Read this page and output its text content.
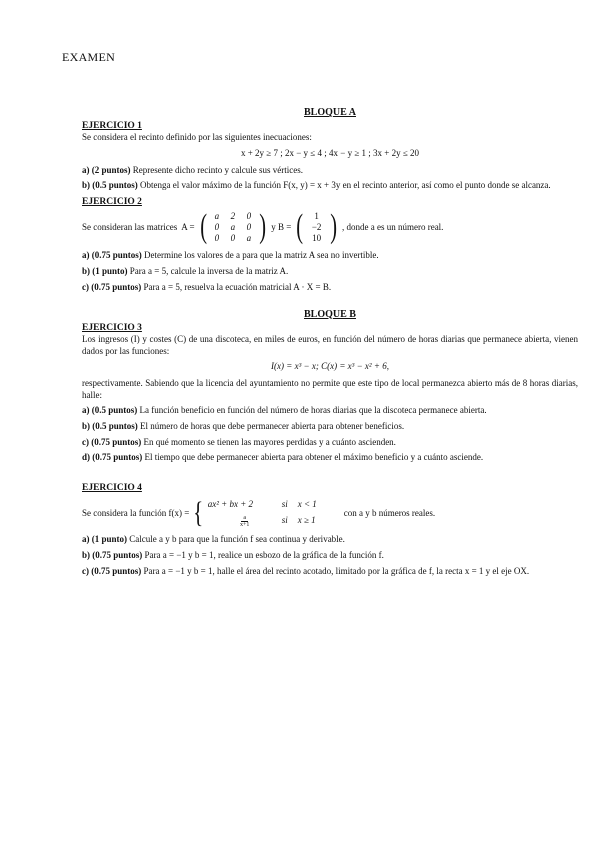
EXAMEN
BLOQUE A
EJERCICIO 1

Se considera el recinto definido por las siguientes inecuaciones:

x + 2y ≥ 7 ; 2x − y ≤ 4 ; 4x − y ≥ 1 ; 3x + 2y ≤ 20

a) (2 puntos) Represente dicho recinto y calcule sus vértices.

b) (0.5 puntos) Obtenga el valor máximo de la función F(x, y) = x + 3y en el recinto anterior, así como el punto donde se alcanza.

EJERCICIO 2
Se consideran las matrices A = ( a	2	0
0	a	0
0	0	a ) y B = (	1
−2
10 ) , donde a es un número real.

a) (0.75 puntos) Determine los valores de a para que la matriz A sea no invertible.

b) (1 punto) Para a = 5, calcule la inversa de la matriz A.

c) (0.75 puntos) Para a = 5, resuelva la ecuación matricial A · X = B.

BLOQUE B
EJERCICIO 3

Los ingresos (I) y costes (C) de una discoteca, en miles de euros, en función del número de horas diarias que permanece abierta, vienen dados por las funciones:

I(x) = x³ − x; C(x) = x³ − x² + 6,

respectivamente. Sabiendo que la licencia del ayuntamiento no permite que este tipo de local permanezca abierto más de 8 horas diarias, halle:

a) (0.5 puntos) La función beneficio en función del número de horas diarias que la discoteca permanece abierta.

b) (0.5 puntos) El número de horas que debe permanecer abierta para obtener beneficios.

c) (0.75 puntos) En qué momento se tienen las mayores perdidas y a cuánto ascienden.

d) (0.75 puntos) El tiempo que debe permanecer abierta para obtener el máximo beneficio y a cuánto asciende.

EJERCICIO 4
Se considera la función f(x) = { ax² + bx + 2	si	x < 1
$\frac{a}{x+1}$ si	x ≥ 1
con a y b números reales.

a) (1 punto) Calcule a y b para que la función f sea continua y derivable.

b) (0.75 puntos) Para a = −1 y b = 1, realice un esbozo de la gráfica de la función f.

c) (0.75 puntos) Para a = −1 y b = 1, halle el área del recinto acotado, limitado por la gráfica de f, la recta x = 1 y el eje OX.
